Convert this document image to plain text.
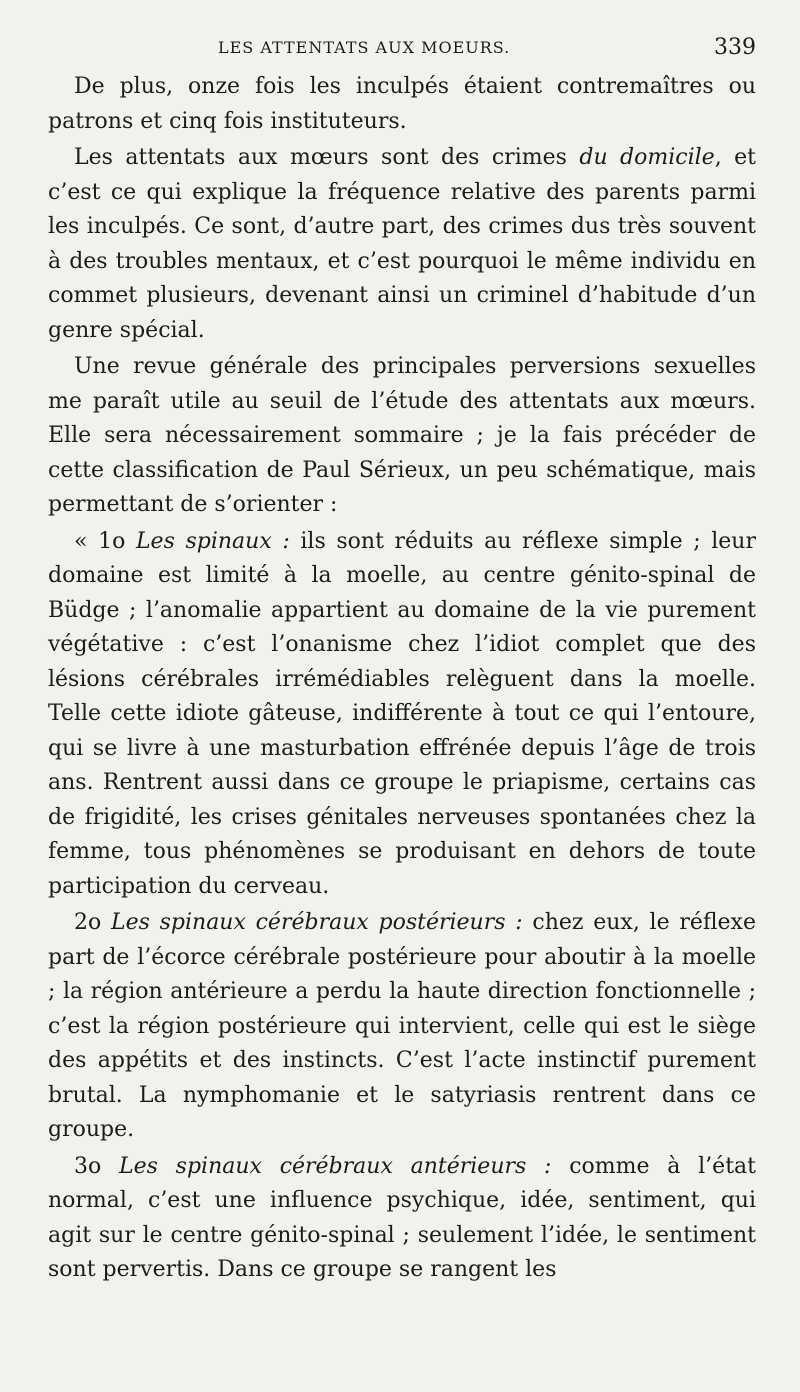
LES ATTENTATS AUX MOEURS.	339

De plus, onze fois les inculpés étaient contremaîtres ou patrons et cinq fois instituteurs.

Les attentats aux mœurs sont des crimes du domicile, et c’est ce qui explique la fréquence relative des parents parmi les inculpés. Ce sont, d’autre part, des crimes dus très souvent à des troubles mentaux, et c’est pourquoi le même individu en commet plusieurs, devenant ainsi un criminel d’habitude d’un genre spécial.

Une revue générale des principales perversions sexuelles me paraît utile au seuil de l’étude des attentats aux mœurs. Elle sera nécessairement sommaire ; je la fais précéder de cette classification de Paul Sérieux, un peu schématique, mais permettant de s’orienter :

« 1o Les spinaux : ils sont réduits au réflexe simple ; leur domaine est limité à la moelle, au centre génito-spinal de Büdge ; l’anomalie appartient au domaine de la vie purement végétative : c’est l’onanisme chez l’idiot complet que des lésions cérébrales irrémédiables relèguent dans la moelle. Telle cette idiote gâteuse, indifférente à tout ce qui l’entoure, qui se livre à une masturbation effrénée depuis l’âge de trois ans. Rentrent aussi dans ce groupe le priapisme, certains cas de frigidité, les crises génitales nerveuses spontanées chez la femme, tous phénomènes se produisant en dehors de toute participation du cerveau.

2o Les spinaux cérébraux postérieurs : chez eux, le réflexe part de l’écorce cérébrale postérieure pour aboutir à la moelle ; la région antérieure a perdu la haute direction fonctionnelle ; c’est la région postérieure qui intervient, celle qui est le siège des appétits et des instincts. C’est l’acte instinctif purement brutal. La nymphomanie et le satyriasis rentrent dans ce groupe.

3o Les spinaux cérébraux antérieurs : comme à l’état normal, c’est une influence psychique, idée, sentiment, qui agit sur le centre génito-spinal ; seulement l’idée, le sentiment sont pervertis. Dans ce groupe se rangent les
